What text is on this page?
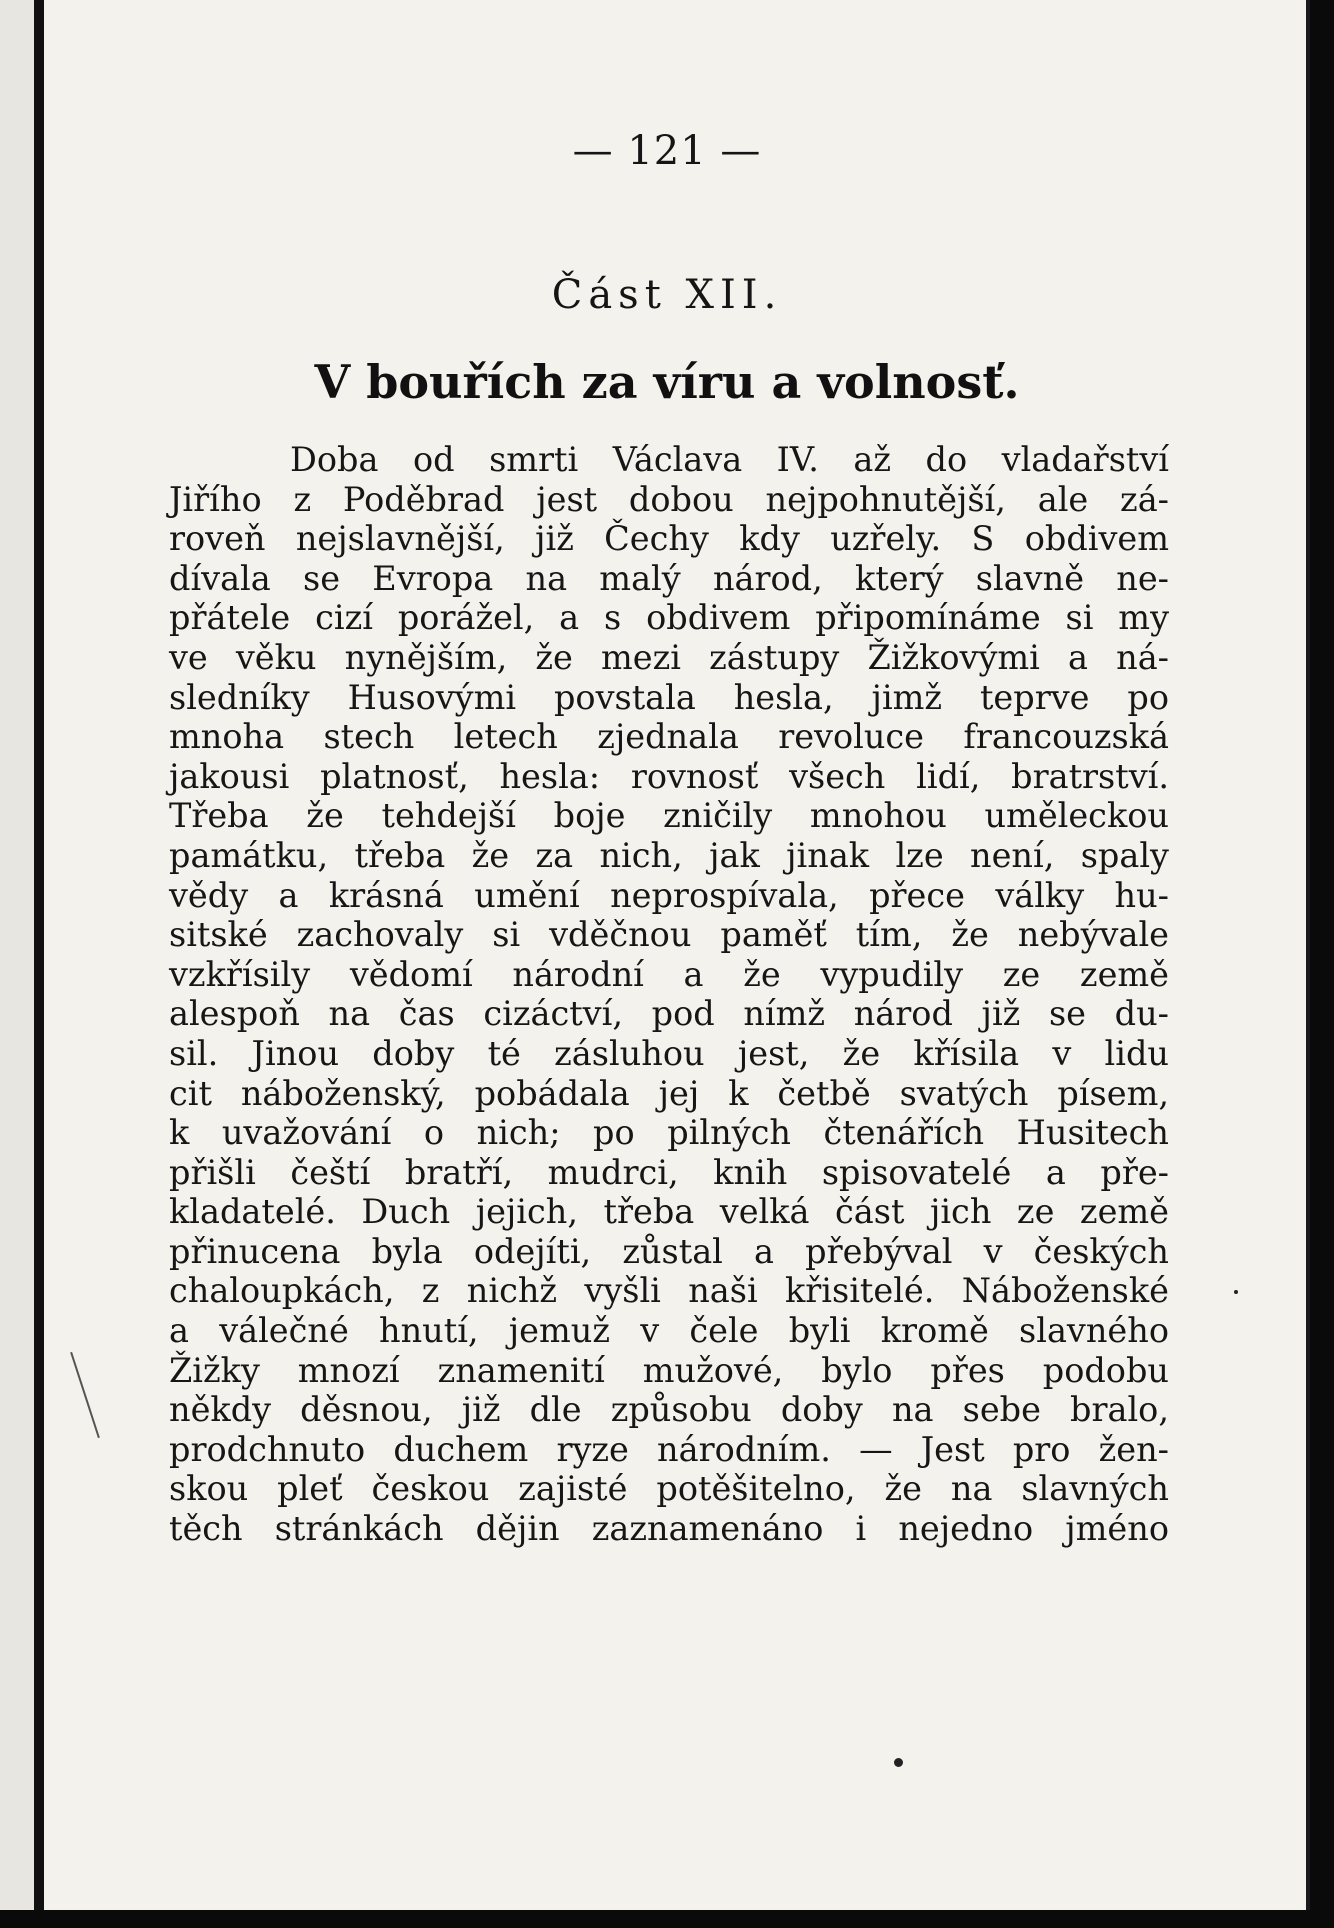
— 121 —
Část XII.
V bouřích za víru a volnosť.
Doba od smrti Václava IV. až do vladařství
Jiřího z Poděbrad jest dobou nejpohnutější, ale zá-
roveň nejslavnější, již Čechy kdy uzřely. S obdivem
dívala se Evropa na malý národ, který slavně ne-
přátele cizí porážel, a s obdivem připomínáme si my
ve věku nynějším, že mezi zástupy Žižkovými a ná-
sledníky Husovými povstala hesla, jimž teprve po
mnoha stech letech zjednala revoluce francouzská
jakousi platnosť, hesla: rovnosť všech lidí, bratrství.
Třeba že tehdejší boje zničily mnohou uměleckou
památku, třeba že za nich, jak jinak lze není, spaly
vědy a krásná umění neprospívala, přece války hu-
sitské zachovaly si vděčnou paměť tím, že nebývale
vzkřísily vědomí národní a že vypudily ze země
alespoň na čas cizáctví, pod nímž národ již se du-
sil. Jinou doby té zásluhou jest, že křísila v lidu
cit náboženský, pobádala jej k četbě svatých písem,
k uvažování o nich; po pilných čtenářích Husitech
přišli čeští bratří, mudrci, knih spisovatelé a pře-
kladatelé. Duch jejich, třeba velká část jich ze země
přinucena byla odejíti, zůstal a přebýval v českých
chaloupkách, z nichž vyšli naši křisitelé. Náboženské
a válečné hnutí, jemuž v čele byli kromě slavného
Žižky mnozí znamenití mužové, bylo přes podobu
někdy děsnou, již dle způsobu doby na sebe bralo,
prodchnuto duchem ryze národním. — Jest pro žen-
skou pleť českou zajisté potěšitelno, že na slavných
těch stránkách dějin zaznamenáno i nejedno jméno
